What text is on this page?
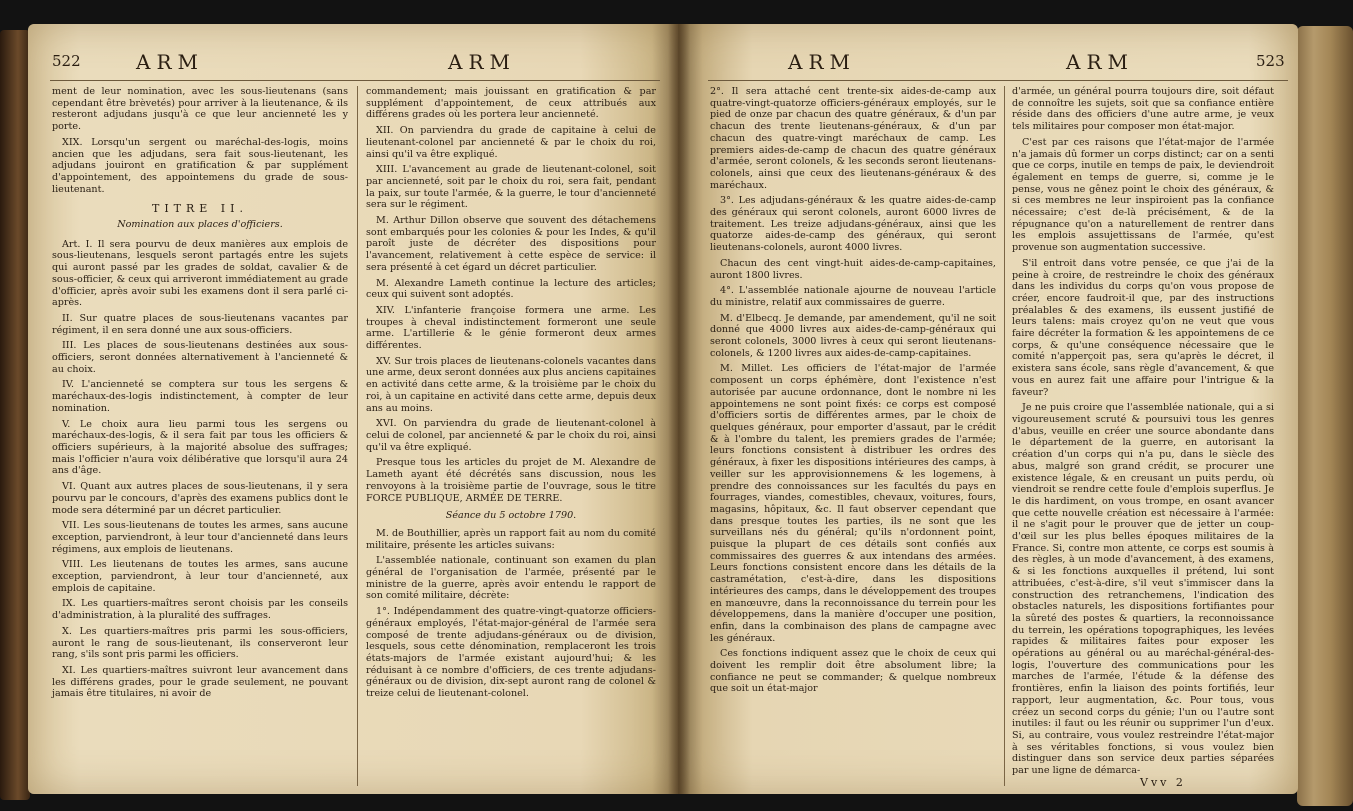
522	ARM	ARM

ment de leur nomination, avec les sous-lieutenans (sans cependant être brèvetés) pour arriver à la lieutenance, & ils resteront adjudans jusqu'à ce que leur ancienneté les y porte.

XIX. Lorsqu'un sergent ou maréchal-des-logis, moins ancien que les adjudans, sera fait sous-lieutenant, les adjudans jouiront en gratification & par supplément d'appointement, des appointemens du grade de sous-lieutenant.

TITRE II.

Nomination aux places d'officiers.

Art. I. Il sera pourvu de deux manières aux emplois de sous-lieutenans, lesquels seront partagés entre les sujets qui auront passé par les grades de soldat, cavalier & de sous-officier, & ceux qui arriveront immédiatement au grade d'officier, après avoir subi les examens dont il sera parlé ci-après.

II. Sur quatre places de sous-lieutenans vacantes par régiment, il en sera donné une aux sous-officiers.

III. Les places de sous-lieutenans destinées aux sous-officiers, seront données alternativement à l'ancienneté & au choix.

IV. L'ancienneté se comptera sur tous les sergens & maréchaux-des-logis indistinctement, à compter de leur nomination.

V. Le choix aura lieu parmi tous les sergens ou maréchaux-des-logis, & il sera fait par tous les officiers & officiers supérieurs, à la majorité absolue des suffrages; mais l'officier n'aura voix délibérative que lorsqu'il aura 24 ans d'âge.

VI. Quant aux autres places de sous-lieutenans, il y sera pourvu par le concours, d'après des examens publics dont le mode sera déterminé par un décret particulier.

VII. Les sous-lieutenans de toutes les armes, sans aucune exception, parviendront, à leur tour d'ancienneté dans leurs régimens, aux emplois de lieutenans.

VIII. Les lieutenans de toutes les armes, sans aucune exception, parviendront, à leur tour d'ancienneté, aux emplois de capitaine.

IX. Les quartiers-maîtres seront choisis par les conseils d'administration, à la pluralité des suffrages.

X. Les quartiers-maîtres pris parmi les sous-officiers, auront le rang de sous-lieutenant, ils conserveront leur rang, s'ils sont pris parmi les officiers.

XI. Les quartiers-maîtres suivront leur avancement dans les différens grades, pour le grade seulement, ne pouvant jamais être titulaires, ni avoir de

commandement; mais jouissant en gratification & par supplément d'appointement, de ceux attribués aux différens grades où les portera leur ancienneté.

XII. On parviendra du grade de capitaine à celui de lieutenant-colonel par ancienneté & par le choix du roi, ainsi qu'il va être expliqué.

XIII. L'avancement au grade de lieutenant-colonel, soit par ancienneté, soit par le choix du roi, sera fait, pendant la paix, sur toute l'armée, & la guerre, le tour d'ancienneté sera sur le régiment.

M. Arthur Dillon observe que souvent des détachemens sont embarqués pour les colonies & pour les Indes, & qu'il paroît juste de décréter des dispositions pour l'avancement, relativement à cette espèce de service: il sera présenté à cet égard un décret particulier.

M. Alexandre Lameth continue la lecture des articles; ceux qui suivent sont adoptés.

XIV. L'infanterie françoise formera une arme. Les troupes à cheval indistinctement formeront une seule arme. L'artillerie & le génie formeront deux armes différentes.

XV. Sur trois places de lieutenans-colonels vacantes dans une arme, deux seront données aux plus anciens capitaines en activité dans cette arme, & la troisième par le choix du roi, à un capitaine en activité dans cette arme, depuis deux ans au moins.

XVI. On parviendra du grade de lieutenant-colonel à celui de colonel, par ancienneté & par le choix du roi, ainsi qu'il va être expliqué.

Presque tous les articles du projet de M. Alexandre de Lameth ayant été décrétés sans discussion, nous les renvoyons à la troisième partie de l'ouvrage, sous le titre FORCE PUBLIQUE, ARMÉE DE TERRE.

Séance du 5 octobre 1790.

M. de Bouthillier, après un rapport fait au nom du comité militaire, présente les articles suivans:

L'assemblée nationale, continuant son examen du plan général de l'organisation de l'armée, présenté par le ministre de la guerre, après avoir entendu le rapport de son comité militaire, décrète:

1°. Indépendamment des quatre-vingt-quatorze officiers-généraux employés, l'état-major-général de l'armée sera composé de trente adjudans-généraux ou de division, lesquels, sous cette dénomination, remplaceront les trois états-majors de l'armée existant aujourd'hui; & les réduisant à ce nombre d'officiers, de ces trente adjudans-généraux ou de division, dix-sept auront rang de colonel & treize celui de lieutenant-colonel.

ARM	ARM	523

2°. Il sera attaché cent trente-six aides-de-camp aux quatre-vingt-quatorze officiers-généraux employés, sur le pied de onze par chacun des quatre généraux, & d'un par chacun des trente lieutenans-généraux, & d'un par chacun des quatre-vingt maréchaux de camp. Les premiers aides-de-camp de chacun des quatre généraux d'armée, seront colonels, & les seconds seront lieutenans-colonels, ainsi que ceux des lieutenans-généraux & des maréchaux.

3°. Les adjudans-généraux & les quatre aides-de-camp des généraux qui seront colonels, auront 6000 livres de traitement. Les treize adjudans-généraux, ainsi que les quatorze aides-de-camp des généraux, qui seront lieutenans-colonels, auront 4000 livres.

Chacun des cent vingt-huit aides-de-camp-capitaines, auront 1800 livres.

4°. L'assemblée nationale ajourne de nouveau l'article du ministre, relatif aux commissaires de guerre.

M. d'Elbecq. Je demande, par amendement, qu'il ne soit donné que 4000 livres aux aides-de-camp-généraux qui seront colonels, 3000 livres à ceux qui seront lieutenans-colonels, & 1200 livres aux aides-de-camp-capitaines.

M. Millet. Les officiers de l'état-major de l'armée composent un corps éphémère, dont l'existence n'est autorisée par aucune ordonnance, dont le nombre ni les appointemens ne sont point fixés: ce corps est composé d'officiers sortis de différentes armes, par le choix de quelques généraux, pour emporter d'assaut, par le crédit & à l'ombre du talent, les premiers grades de l'armée; leurs fonctions consistent à distribuer les ordres des généraux, à fixer les dispositions intérieures des camps, à veiller sur les approvisionnemens & les logemens, à prendre des connoissances sur les facultés du pays en fourrages, viandes, comestibles, chevaux, voitures, fours, magasins, hôpitaux, &c. Il faut observer cependant que dans presque toutes les parties, ils ne sont que les surveillans nés du général; qu'ils n'ordonnent point, puisque la plupart de ces détails sont confiés aux commissaires des guerres & aux intendans des armées. Leurs fonctions consistent encore dans les détails de la castramétation, c'est-à-dire, dans les dispositions intérieures des camps, dans le développement des troupes en manœuvre, dans la reconnoissance du terrein pour les développemens, dans la manière d'occuper une position, enfin, dans la combinaison des plans de campagne avec les généraux.

Ces fonctions indiquent assez que le choix de ceux qui doivent les remplir doit être absolument libre; la confiance ne peut se commander; & quelque nombreux que soit un état-major

d'armée, un général pourra toujours dire, soit défaut de connoître les sujets, soit que sa confiance entière réside dans des officiers d'une autre arme, je veux tels militaires pour composer mon état-major.

C'est par ces raisons que l'état-major de l'armée n'a jamais dû former un corps distinct; car on a senti que ce corps, inutile en temps de paix, le deviendroit également en temps de guerre, si, comme je le pense, vous ne gênez point le choix des généraux, & si ces membres ne leur inspiroient pas la confiance nécessaire; c'est de-là précisément, & de la répugnance qu'on a naturellement de rentrer dans les emplois assujettissans de l'armée, qu'est provenue son augmentation successive.

S'il entroit dans votre pensée, ce que j'ai de la peine à croire, de restreindre le choix des généraux dans les individus du corps qu'on vous propose de créer, encore faudroit-il que, par des instructions préalables & des examens, ils eussent justifié de leurs talens: mais croyez qu'on ne veut que vous faire décréter la formation & les appointemens de ce corps, & qu'une conséquence nécessaire que le comité n'apperçoit pas, sera qu'après le décret, il existera sans école, sans règle d'avancement, & que vous en aurez fait une affaire pour l'intrigue & la faveur?

Je ne puis croire que l'assemblée nationale, qui a si vigoureusement scruté & poursuivi tous les genres d'abus, veuille en créer une source abondante dans le département de la guerre, en autorisant la création d'un corps qui n'a pu, dans le siècle des abus, malgré son grand crédit, se procurer une existence légale, & en creusant un puits perdu, où viendroit se rendre cette foule d'emplois superflus. Je le dis hardiment, on vous trompe, en osant avancer que cette nouvelle création est nécessaire à l'armée: il ne s'agit pour le prouver que de jetter un coup-d'œil sur les plus belles époques militaires de la France. Si, contre mon attente, ce corps est soumis à des règles, à un mode d'avancement, à des examens, & si les fonctions auxquelles il prétend, lui sont attribuées, c'est-à-dire, s'il veut s'immiscer dans la construction des retranchemens, l'indication des obstacles naturels, les dispositions fortifiantes pour la sûreté des postes & quartiers, la reconnoissance du terrein, les opérations topographiques, les levées rapides & militaires faites pour exposer les opérations au général ou au maréchal-général-des-logis, l'ouverture des communications pour les marches de l'armée, l'étude & la défense des frontières, enfin la liaison des points fortifiés, leur rapport, leur augmentation, &c. Pour tous, vous créez un second corps du génie; l'un ou l'autre sont inutiles: il faut ou les réunir ou supprimer l'un d'eux. Si, au contraire, vous voulez restreindre l'état-major à ses véritables fonctions, si vous voulez bien distinguer dans son service deux parties séparées par une ligne de démarca-

Vvv 2
